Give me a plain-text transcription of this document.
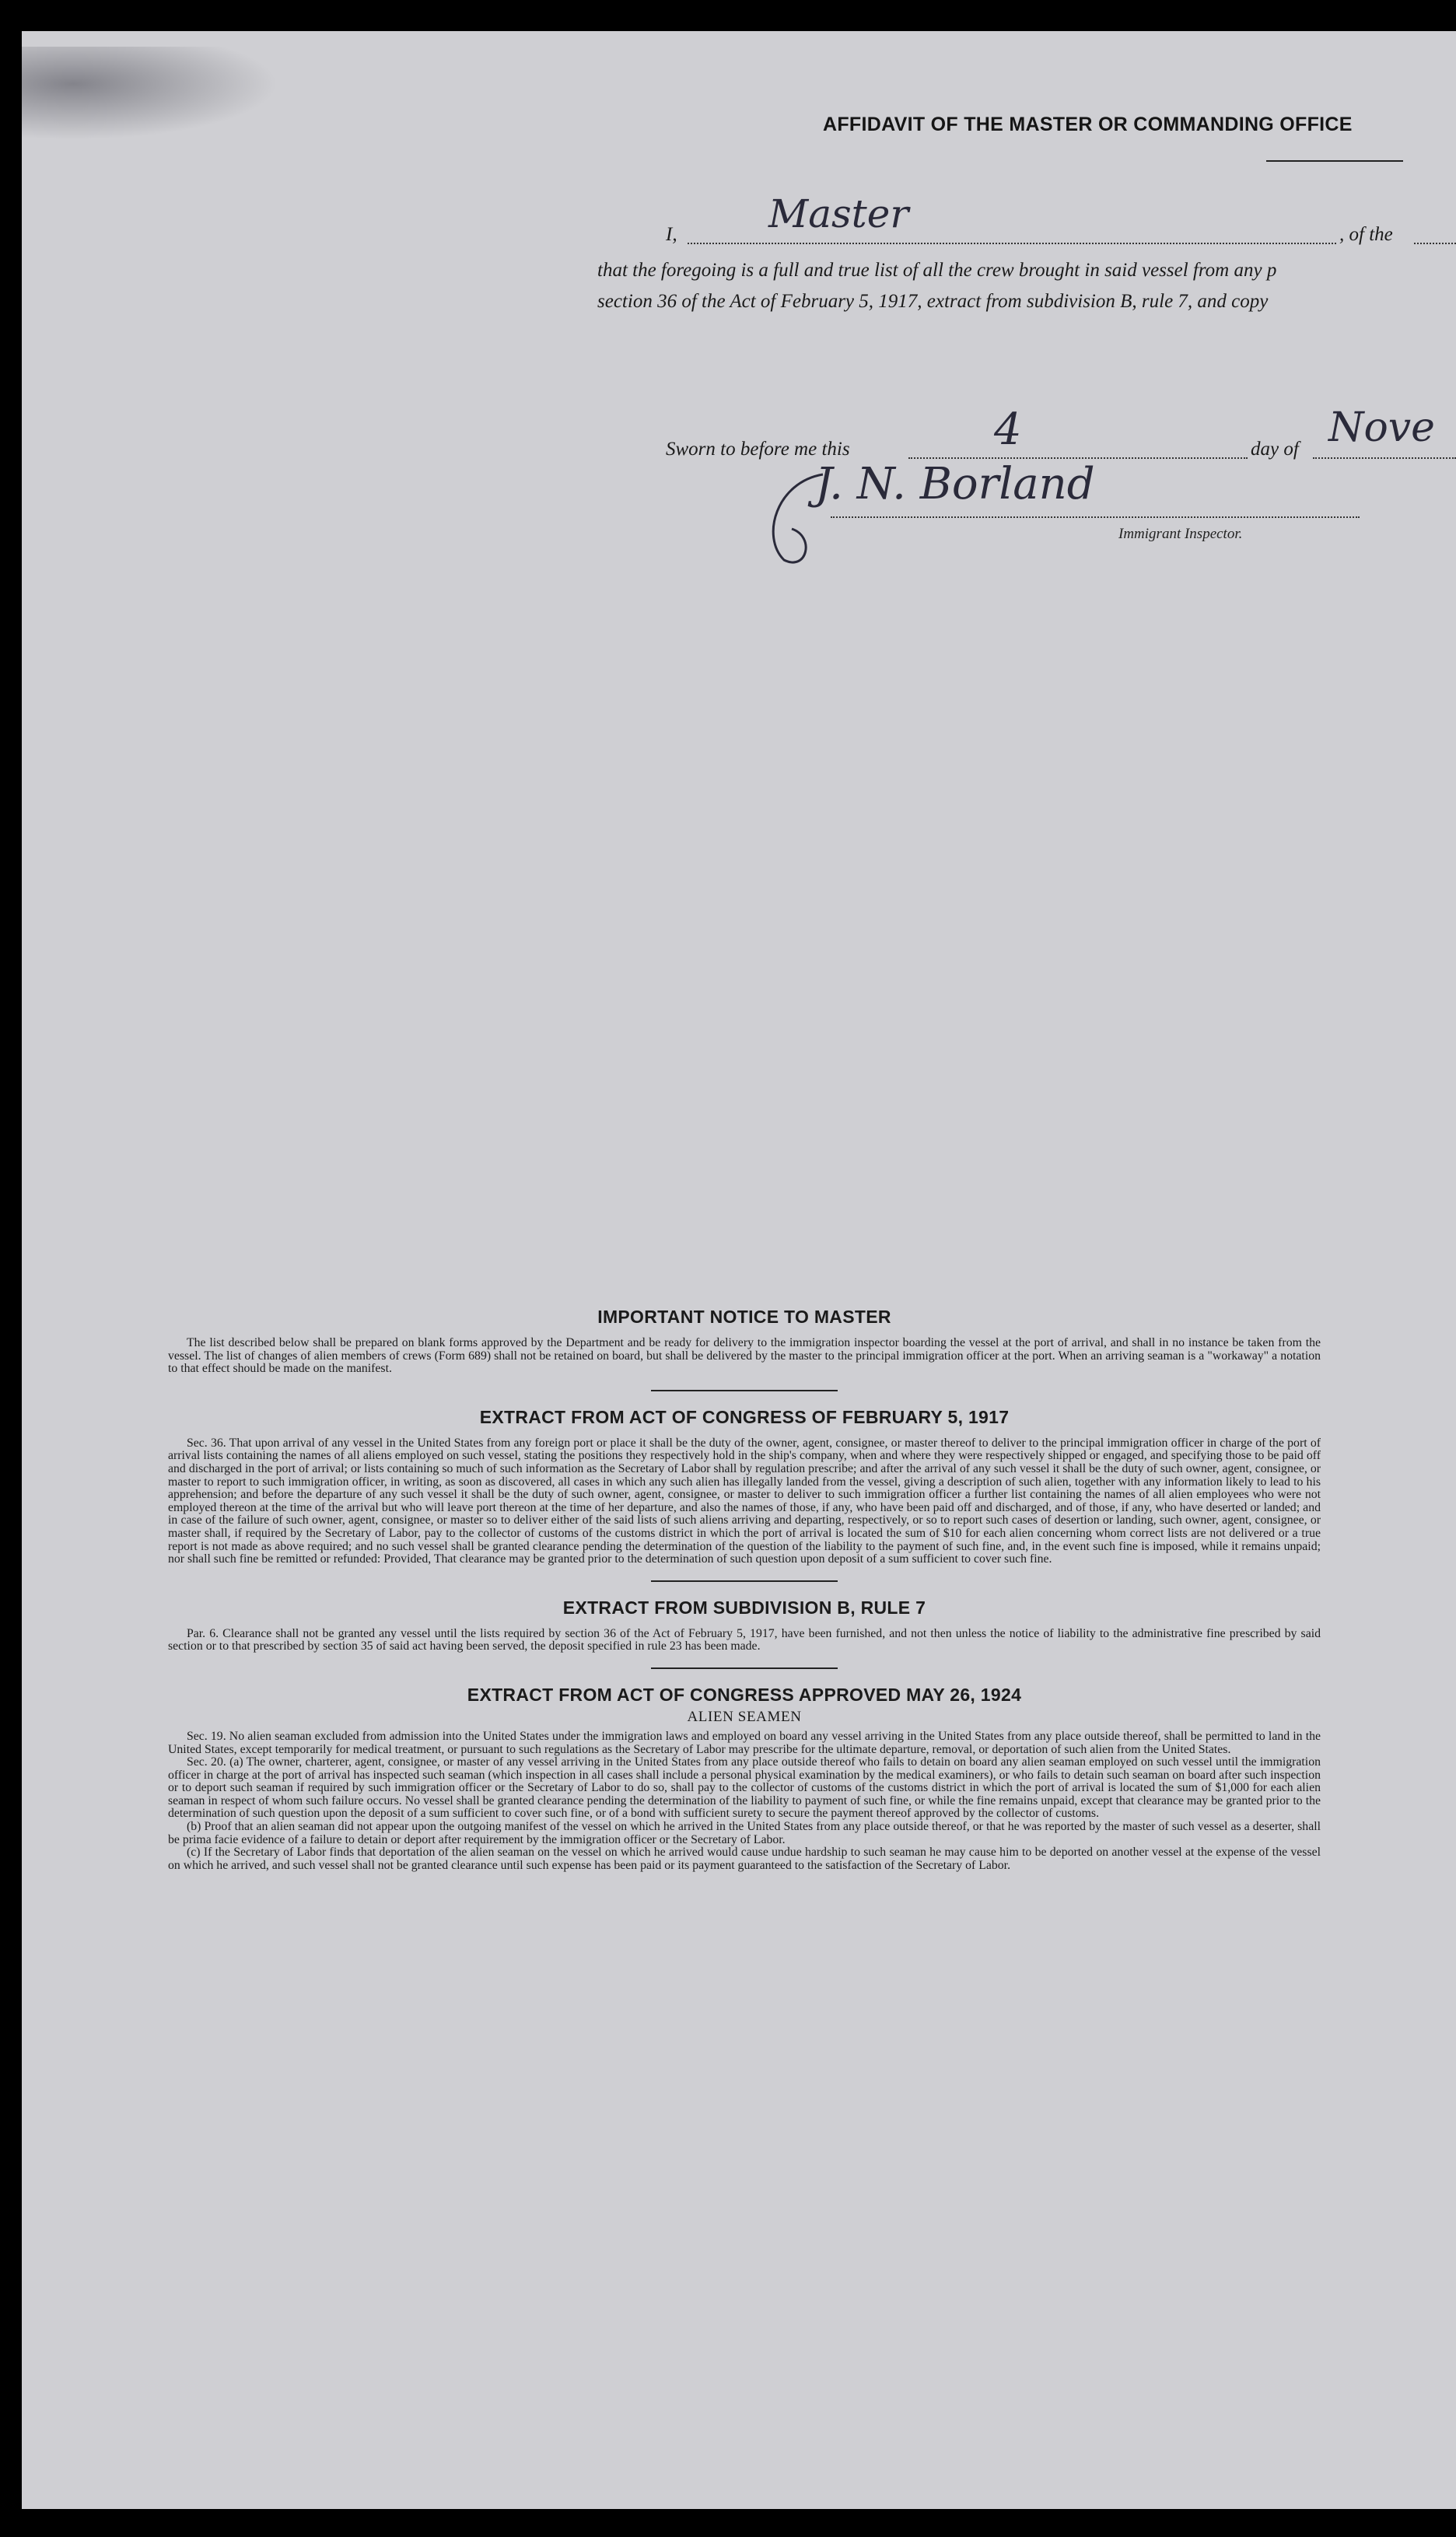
AFFIDAVIT OF THE MASTER OR COMMANDING OFFICE
I, Master	, of the
that the foregoing is a full and true list of all the crew brought in said vessel from any p
section 36 of the Act of February 5, 1917, extract from subdivision B, rule 7, and copy
Sworn to before me this	4	day of Nove
J. N. Borland
Immigrant Inspector.
IMPORTANT NOTICE TO MASTER

The list described below shall be prepared on blank forms approved by the Department and be ready for delivery to the immigration inspector boarding the vessel at the port of arrival, and shall in no instance be taken from the vessel. The list of changes of alien members of crews (Form 689) shall not be retained on board, but shall be delivered by the master to the principal immigration officer at the port. When an arriving seaman is a "workaway" a notation to that effect should be made on the manifest.

EXTRACT FROM ACT OF CONGRESS OF FEBRUARY 5, 1917

Sec. 36. That upon arrival of any vessel in the United States from any foreign port or place it shall be the duty of the owner, agent, consignee, or master thereof to deliver to the principal immigration officer in charge of the port of arrival lists containing the names of all aliens employed on such vessel, stating the positions they respectively hold in the ship's company, when and where they were respectively shipped or engaged, and specifying those to be paid off and discharged in the port of arrival; or lists containing so much of such information as the Secretary of Labor shall by regulation prescribe; and after the arrival of any such vessel it shall be the duty of such owner, agent, consignee, or master to report to such immigration officer, in writing, as soon as discovered, all cases in which any such alien has illegally landed from the vessel, giving a description of such alien, together with any information likely to lead to his apprehension; and before the departure of any such vessel it shall be the duty of such owner, agent, consignee, or master to deliver to such immigration officer a further list containing the names of all alien employees who were not employed thereon at the time of the arrival but who will leave port thereon at the time of her departure, and also the names of those, if any, who have been paid off and discharged, and of those, if any, who have deserted or landed; and in case of the failure of such owner, agent, consignee, or master so to deliver either of the said lists of such aliens arriving and departing, respectively, or so to report such cases of desertion or landing, such owner, agent, consignee, or master shall, if required by the Secretary of Labor, pay to the collector of customs of the customs district in which the port of arrival is located the sum of $10 for each alien concerning whom correct lists are not delivered or a true report is not made as above required; and no such vessel shall be granted clearance pending the determination of the question of the liability to the payment of such fine, and, in the event such fine is imposed, while it remains unpaid; nor shall such fine be remitted or refunded: Provided, That clearance may be granted prior to the determination of such question upon deposit of a sum sufficient to cover such fine.

EXTRACT FROM SUBDIVISION B, RULE 7

Par. 6. Clearance shall not be granted any vessel until the lists required by section 36 of the Act of February 5, 1917, have been furnished, and not then unless the notice of liability to the administrative fine prescribed by said section or to that prescribed by section 35 of said act having been served, the deposit specified in rule 23 has been made.

EXTRACT FROM ACT OF CONGRESS APPROVED MAY 26, 1924
ALIEN SEAMEN

Sec. 19. No alien seaman excluded from admission into the United States under the immigration laws and employed on board any vessel arriving in the United States from any place outside thereof, shall be permitted to land in the United States, except temporarily for medical treatment, or pursuant to such regulations as the Secretary of Labor may prescribe for the ultimate departure, removal, or deportation of such alien from the United States.

Sec. 20. (a) The owner, charterer, agent, consignee, or master of any vessel arriving in the United States from any place outside thereof who fails to detain on board any alien seaman employed on such vessel until the immigration officer in charge at the port of arrival has inspected such seaman (which inspection in all cases shall include a personal physical examination by the medical examiners), or who fails to detain such seaman on board after such inspection or to deport such seaman if required by such immigration officer or the Secretary of Labor to do so, shall pay to the collector of customs of the customs district in which the port of arrival is located the sum of $1,000 for each alien seaman in respect of whom such failure occurs. No vessel shall be granted clearance pending the determination of the liability to payment of such fine, or while the fine remains unpaid, except that clearance may be granted prior to the determination of such question upon the deposit of a sum sufficient to cover such fine, or of a bond with sufficient surety to secure the payment thereof approved by the collector of customs.

(b) Proof that an alien seaman did not appear upon the outgoing manifest of the vessel on which he arrived in the United States from any place outside thereof, or that he was reported by the master of such vessel as a deserter, shall be prima facie evidence of a failure to detain or deport after requirement by the immigration officer or the Secretary of Labor.

(c) If the Secretary of Labor finds that deportation of the alien seaman on the vessel on which he arrived would cause undue hardship to such seaman he may cause him to be deported on another vessel at the expense of the vessel on which he arrived, and such vessel shall not be granted clearance until such expense has been paid or its payment guaranteed to the satisfaction of the Secretary of Labor.
